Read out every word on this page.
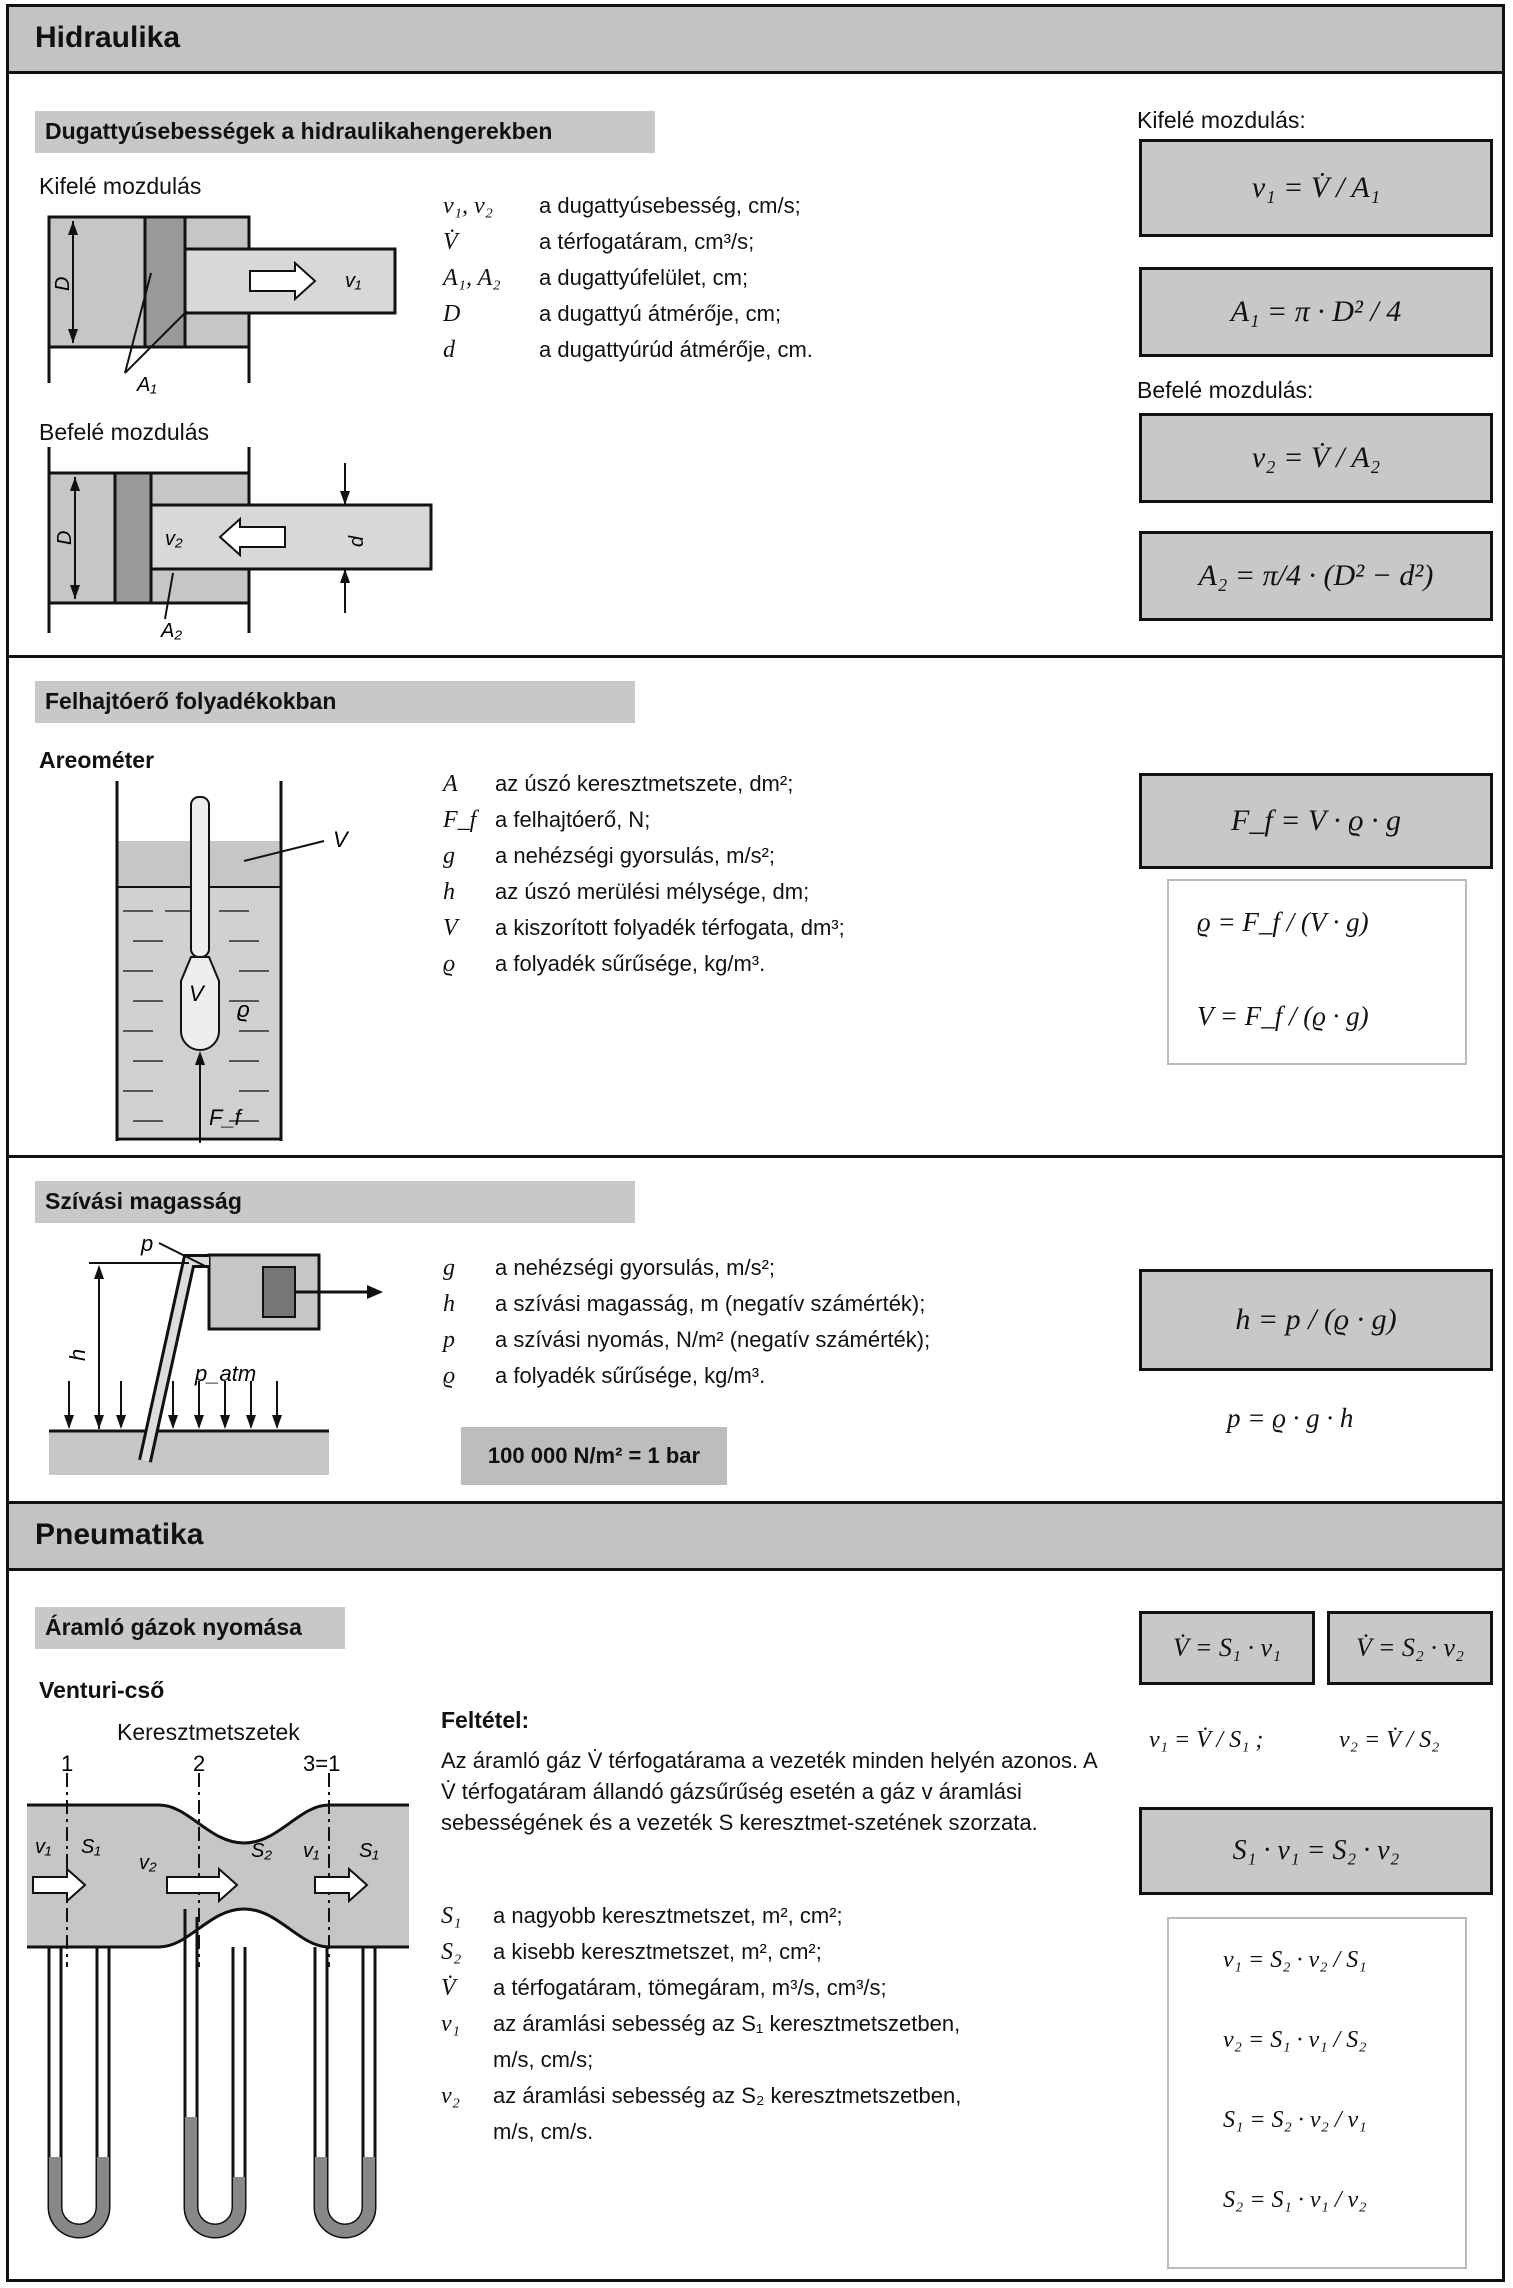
Hidraulika
Dugattyúsebességek a hidraulikahengerekben
Kifelé mozdulás
Befelé mozdulás
D
A₁
v₁
D	v₂	d
A₂
v₁, v₂ a dugattyúsebesség, cm/s;
V̇	a térfogatáram, cm³/s;
A₁, A₂ a dugattyúfelület, cm;
D	a dugattyú átmérője, cm;
d	a dugattyúrúd átmérője, cm.
Kifelé mozdulás:
v₁ = V̇ / A₁
A₁ = π · D² / 4
Befelé mozdulás:
v₂ = V̇ / A₂
A₂ = π/4 · (D² − d²)
Felhajtóerő folyadékokban
Areométer
V
V
ϱ
F_f
A az úszó keresztmetszete, dm²;
F_f a felhajtóerő, N;
g a nehézségi gyorsulás, m/s²;
h az úszó merülési mélysége, dm;
V a kiszorított folyadék térfogata, dm³;
ϱ a folyadék sűrűsége, kg/m³.
F_f = V · ϱ · g
ϱ = F_f / (V · g)
V = F_f / (ϱ · g)
Szívási magasság
p
h
p_atm
g a nehézségi gyorsulás, m/s²;
h a szívási magasság, m (negatív számérték);
p a szívási nyomás, N/m² (negatív számérték);
ϱ a folyadék sűrűsége, kg/m³.
100 000 N/m² = 1 bar
h = p / (ϱ · g)
p = ϱ · g · h
Pneumatika
Áramló gázok nyomása
Venturi-cső
Keresztmetszetek
1	2	3=1
v₁ S₁
v₂
S₂ v₁ S₁
Feltétel:
Az áramló gáz V̇ térfogatárama a vezeték minden helyén azonos. A V̇ térfogatáram állandó gázsűrűség esetén a gáz v áramlási sebességének és a vezeték S keresztmet-szetének szorzata.
S₁ a nagyobb keresztmetszet, m², cm²;
S₂ a kisebb keresztmetszet, m², cm²;
V̇ a térfogatáram, tömegáram, m³/s, cm³/s;
v₁ az áramlási sebesség az S₁ keresztmetszetben,
m/s, cm/s;
v₂ az áramlási sebesség az S₂ keresztmetszetben,
m/s, cm/s.
V̇ = S₁ · v₁	V̇ = S₂ · v₂
v₁ = V̇ / S₁ ;	v₂ = V̇ / S₂
S₁ · v₁ = S₂ · v₂
v₁ = S₂ · v₂ / S₁
v₂ = S₁ · v₁ / S₂
S₁ = S₂ · v₂ / v₁
S₂ = S₁ · v₁ / v₂
